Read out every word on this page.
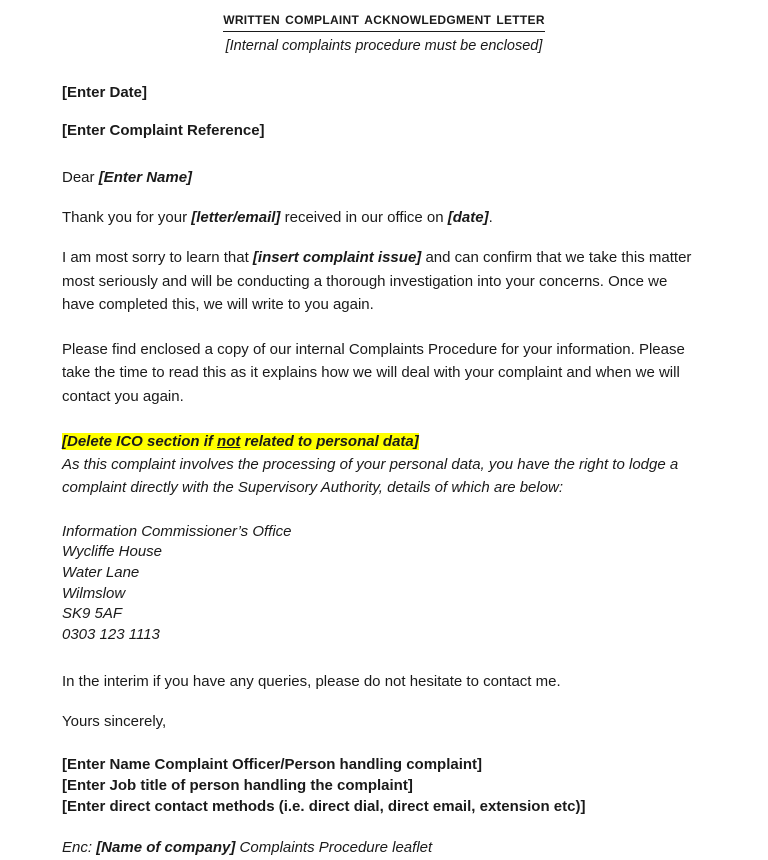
written complaint acknowledgment letter
[Internal complaints procedure must be enclosed]

[Enter Date]

[Enter Complaint Reference]

Dear [Enter Name]

Thank you for your [letter/email] received in our office on [date].

I am most sorry to learn that [insert complaint issue] and can confirm that we take this matter most seriously and will be conducting a thorough investigation into your concerns. Once we have completed this, we will write to you again.

Please find enclosed a copy of our internal Complaints Procedure for your information. Please take the time to read this as it explains how we will deal with your complaint and when we will contact you again.

[Delete ICO section if not related to personal data]

As this complaint involves the processing of your personal data, you have the right to lodge a complaint directly with the Supervisory Authority, details of which are below:

Information Commissioner’s Office

Wycliffe House

Water Lane

Wilmslow

SK9 5AF

0303 123 1113

In the interim if you have any queries, please do not hesitate to contact me.

Yours sincerely,

[Enter Name Complaint Officer/Person handling complaint]

[Enter Job title of person handling the complaint]

[Enter direct contact methods (i.e. direct dial, direct email, extension etc)]

Enc: [Name of company] Complaints Procedure leaflet
